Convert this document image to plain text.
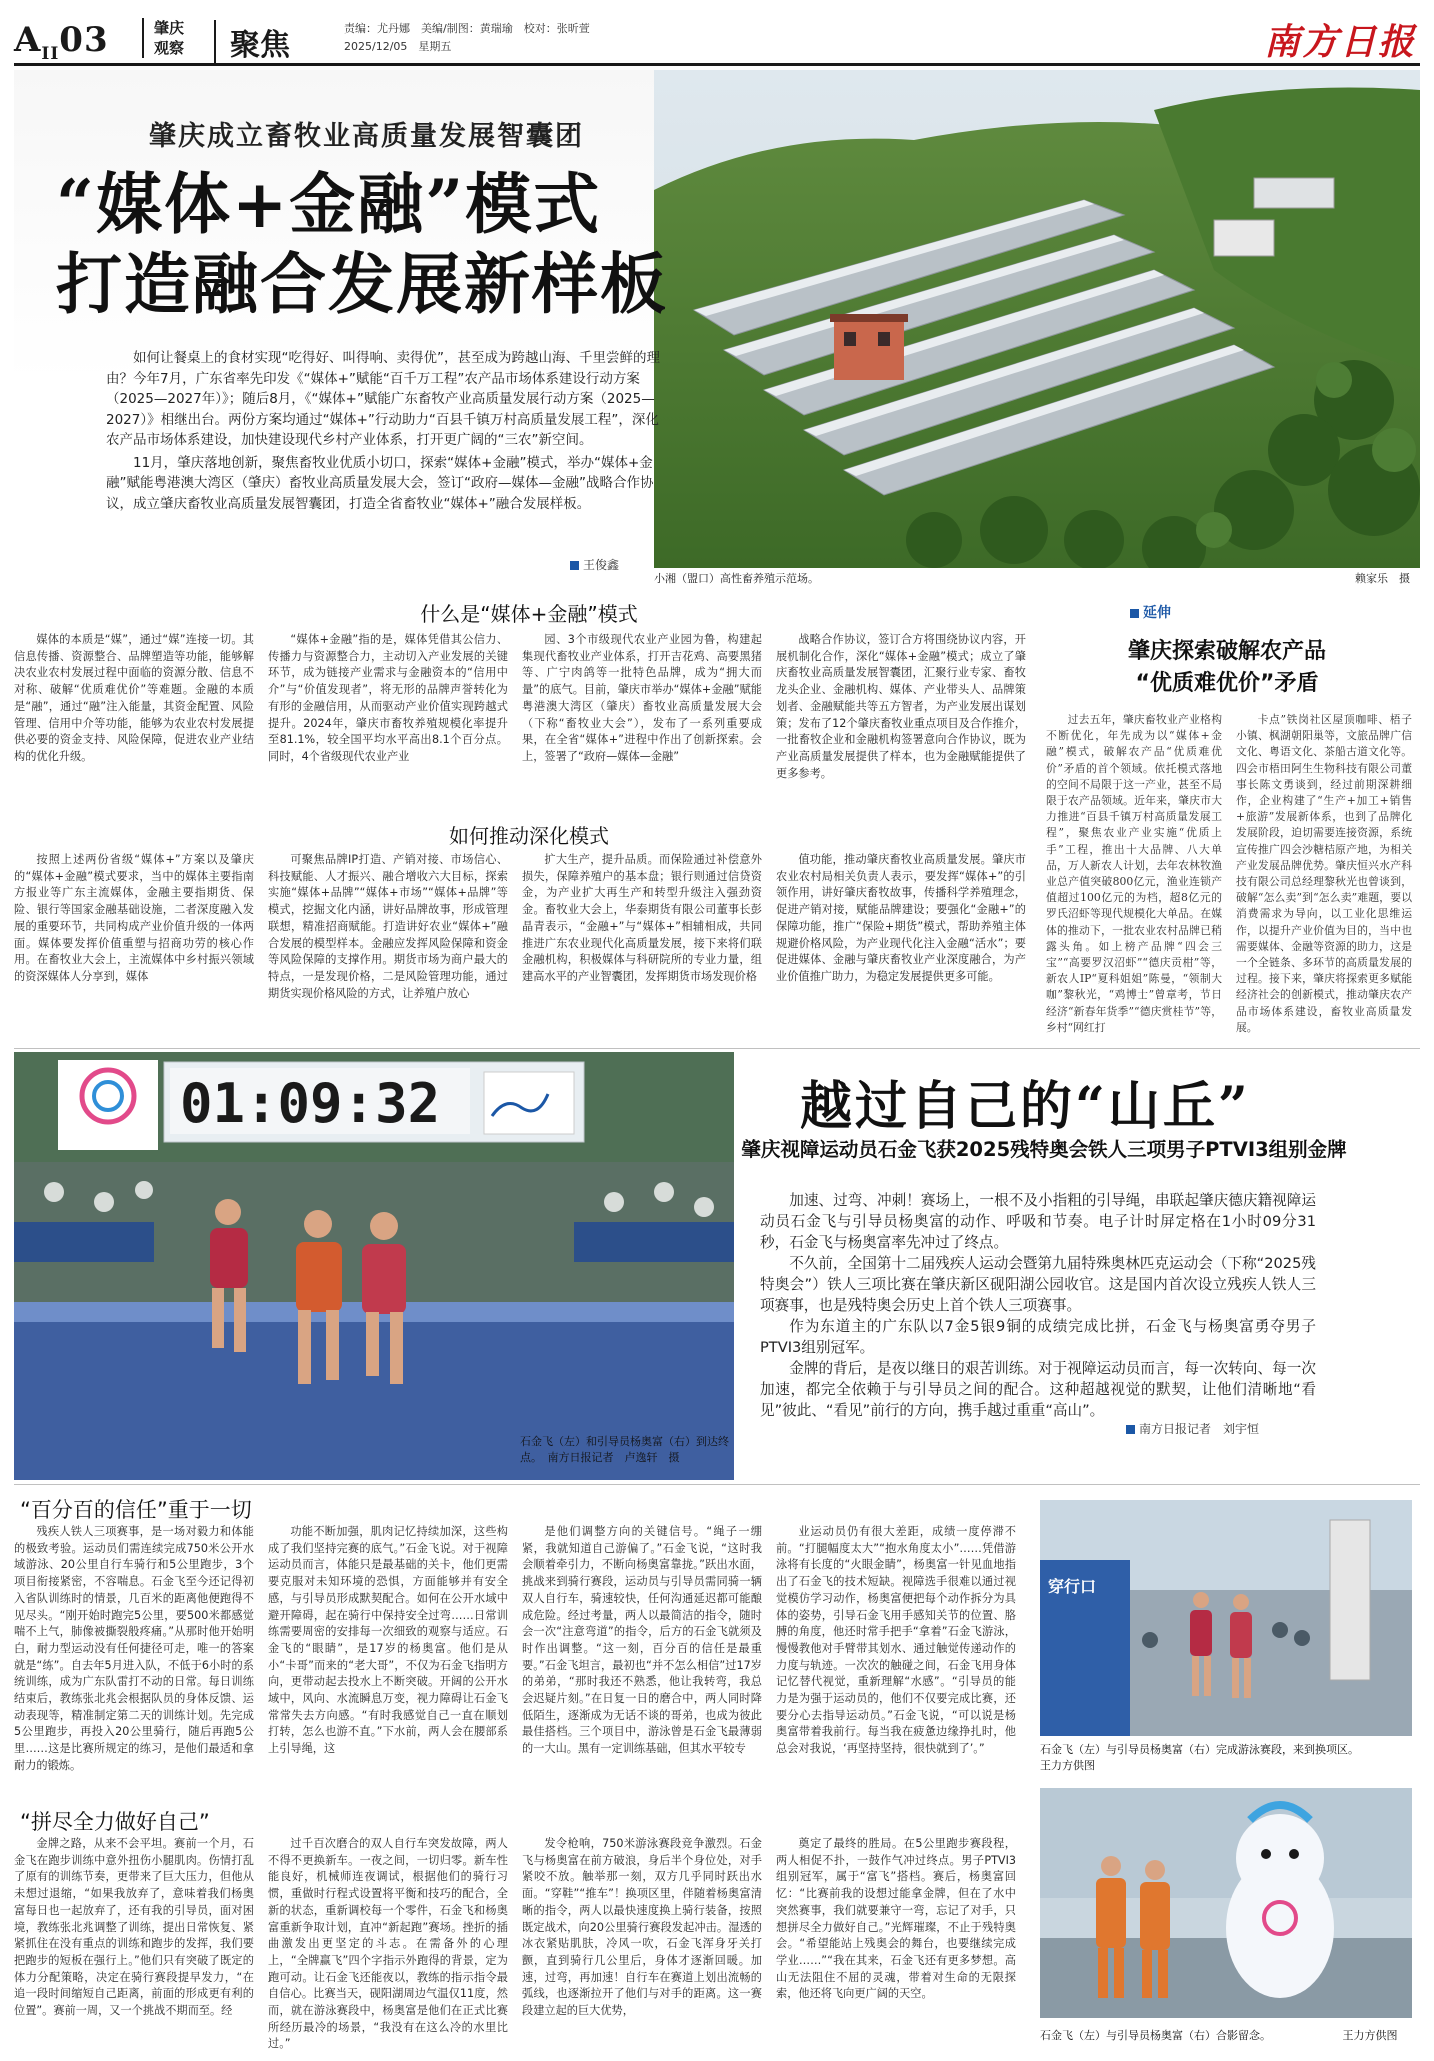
$A_{II}03$	肇庆
观察	聚焦	责编：尤丹娜　美编/制图：黄瑞瑜　校对：张昕萱
2025/12/05　星期五	南方日报
小湘（盟口）高性畜养殖示范场。	赖家乐　摄
肇庆成立畜牧业高质量发展智囊团
“媒体+金融”模式
打造融合发展新样板

如何让餐桌上的食材实现“吃得好、叫得响、卖得优”，甚至成为跨越山海、千里尝鲜的理由？今年7月，广东省率先印发《“媒体+”赋能“百千万工程”农产品市场体系建设行动方案（2025—2027年）》；随后8月，《“媒体+”赋能广东畜牧产业高质量发展行动方案（2025—2027）》相继出台。两份方案均通过“媒体+”行动助力“百县千镇万村高质量发展工程”，深化农产品市场体系建设，加快建设现代乡村产业体系，打开更广阔的“三农”新空间。

11月，肇庆落地创新，聚焦畜牧业优质小切口，探索“媒体+金融”模式，举办“媒体+金融”赋能粤港澳大湾区（肇庆）畜牧业高质量发展大会，签订“政府—媒体—金融”战略合作协议，成立肇庆畜牧业高质量发展智囊团，打造全省畜牧业“媒体+”融合发展样板。

王俊鑫
什么是“媒体+金融”模式
媒体的本质是“媒”，通过“媒”连接一切。其信息传播、资源整合、品牌塑造等功能，能够解决农业农村发展过程中面临的资源分散、信息不对称、破解“优质难优价”等难题。金融的本质是“融”，通过“融”注入能量，其资金配置、风险管理、信用中介等功能，能够为农业农村发展提供必要的资金支持、风险保障，促进农业产业结构的优化升级。
“媒体+金融”指的是，媒体凭借其公信力、传播力与资源整合力，主动切入产业发展的关键环节，成为链接产业需求与金融资本的“信用中介”与“价值发现者”，将无形的品牌声誉转化为有形的金融信用，从而驱动产业价值实现跨越式提升。2024年，肇庆市畜牧养殖规模化率提升至81.1%，较全国平均水平高出8.1个百分点。同时，4个省级现代农业产业
园、3个市级现代农业产业园为鲁，构建起集现代畜牧业产业体系，打开吉花鸡、高要黑猪等、广宁肉鸽等一批特色品牌，成为“拥大而量”的底气。目前，肇庆市举办“媒体+金融”赋能粤港澳大湾区（肇庆）畜牧业高质量发展大会（下称“畜牧业大会”），发布了一系列重要成果，在全省“媒体+”进程中作出了创新探索。会上，签署了“政府—媒体—金融”
战略合作协议，签订合方将围绕协议内容，开展机制化合作，深化“媒体+金融”模式；成立了肇庆畜牧业高质量发展智囊团，汇聚行业专家、畜牧龙头企业、金融机构、媒体、产业带头人、品牌策划者、金融赋能共等五方智者，为产业发展出谋划策；发布了12个肇庆畜牧业重点项目及合作推介，一批畜牧企业和金融机构签署意向合作协议，既为产业高质量发展提供了样本，也为金融赋能提供了更多参考。
如何推动深化模式
按照上述两份省级“媒体+”方案以及肇庆的“媒体+金融”模式要求，当中的媒体主要指南方报业等广东主流媒体，金融主要指期货、保险、银行等国家金融基础设施，二者深度融入发展的重要环节，共同构成产业价值升级的一体两面。媒体要发挥价值重塑与招商功劳的核心作用。在畜牧业大会上，主流媒体中乡村振兴领域的资深媒体人分享到，媒体
可聚焦品牌IP打造、产销对接、市场信心、科技赋能、人才振兴、融合增收六大目标，探索实施“媒体+品牌”“媒体+市场”“媒体+品牌”等模式，挖掘文化内涵，讲好品牌故事，形成管理联想，精准招商赋能。打造讲好农业“媒体+”融合发展的模型样本。金融应发挥风险保障和资金等风险保障的支撑作用。期货市场为商户最大的特点，一是发现价格，二是风险管理功能，通过期货实现价格风险的方式，让养殖户放心
扩大生产，提升品质。而保险通过补偿意外损失，保障养殖户的基本盘；银行则通过信贷资金，为产业扩大再生产和转型升级注入强劲资金。畜牧业大会上，华泰期货有限公司董事长彭晶青表示，“金融+”与“媒体+”相辅相成，共同推进广东农业现代化高质量发展，接下来将们联金融机构，积极媒体与科研院所的专业力量，组建高水平的产业智囊团，发挥期货市场发现价格
值功能，推动肇庆畜牧业高质量发展。肇庆市农业农村局相关负责人表示，要发挥“媒体+”的引领作用，讲好肇庆畜牧故事，传播科学养殖理念，促进产销对接，赋能品牌建设；要强化“金融+”的保障功能，推广“保险+期货”模式，帮助养殖主体规避价格风险，为产业现代化注入金融“活水”；要促进媒体、金融与肇庆畜牧业产业深度融合，为产业价值推广助力，为稳定发展提供更多可能。
延伸
肇庆探索破解农产品
“优质难优价”矛盾
过去五年，肇庆畜牧业产业格构不断优化，年先成为以“媒体+金融”模式，破解农产品“优质难优价”矛盾的首个领域。依托模式落地的空间不局限于这一产业，甚至不局限于农产品领域。近年来，肇庆市大力推进“百县千镇万村高质量发展工程”，聚焦农业产业实施“优质上手”工程，推出十大品牌、八大单品，万人新农人计划，去年农林牧渔业总产值突破800亿元，渔业连锁产值超过100亿元的为档，超8亿元的罗氏沼虾等现代规模化大单品。在媒体的推动下，一批农业农村品牌已稍露头角。如上榜产品牌“四会三宝”“高要罗汉沼虾”“德庆贡柑”等，新农人IP“夏科姐姐”陈曼，“领制大咖”黎秋光，“鸡博士”曾章考，节日经济“新春年货季”“德庆赏桂节”等，乡村“网红打
卡点”铁岗社区屋顶咖啡、梧子小镇、枫湖朝阳巢等，文旅品牌广信文化、粤语文化、茶船古道文化等。四会市梧田阿生生物科技有限公司董事长陈文勇谈到，经过前期深耕细作，企业构建了“生产+加工+销售+旅游”发展新体系，也到了品牌化发展阶段，迫切需要连接资源，系统宣传推广四会沙糖桔原产地，为相关产业发展品牌优势。肇庆恒兴水产科技有限公司总经理黎秋光也曾谈到，破解“怎么卖”到“怎么卖”难题，要以消费需求为导向，以工业化思维运作，以提升产业价值为目的，当中也需要媒体、金融等资源的助力，这是一个全链条、多环节的高质量发展的过程。接下来，肇庆将探索更多赋能经济社会的创新模式，推动肇庆农产品市场体系建设，畜牧业高质量发展。
01:09:32
石金飞（左）和引导员杨奥富（右）到达终点。　南方日报记者　卢逸轩　摄
越过自己的“山丘”
肇庆视障运动员石金飞获2025残特奥会铁人三项男子PTVI3组别金牌

加速、过弯、冲刺！赛场上，一根不及小指粗的引导绳，串联起肇庆德庆籍视障运动员石金飞与引导员杨奥富的动作、呼吸和节奏。电子计时屏定格在1小时09分31秒，石金飞与杨奥富率先冲过了终点。

不久前，全国第十二届残疾人运动会暨第九届特殊奥林匹克运动会（下称“2025残特奥会”）铁人三项比赛在肇庆新区砚阳湖公园收官。这是国内首次设立残疾人铁人三项赛事，也是残特奥会历史上首个铁人三项赛事。

作为东道主的广东队以7金5银9铜的成绩完成比拼，石金飞与杨奥富勇夺男子PTVI3组别冠军。

金牌的背后，是夜以继日的艰苦训练。对于视障运动员而言，每一次转向、每一次加速，都完全依赖于与引导员之间的配合。这种超越视觉的默契，让他们清晰地“看见”彼此、“看见”前行的方向，携手越过重重“高山”。

南方日报记者　刘宇恒
“百分百的信任”重于一切
残疾人铁人三项赛事，是一场对毅力和体能的极致考验。运动员们需连续完成750米公开水域游泳、20公里自行车骑行和5公里跑步，3个项目衔接紧密，不容喘息。石金飞至今还记得初入省队训练时的情景，几百米的距离他便跑得不见尽头。“刚开始时跑完5公里，要500米都感觉喘不上气，肺像被撕裂般疼痛。”从那时他开始明白，耐力型运动没有任何捷径可走，唯一的答案就是“练”。自去年5月进入队，不低于6小时的系统训练，成为广东队雷打不动的日常。每日训练结束后，教练张北兆会根据队员的身体反馈、运动表现等，精准制定第二天的训练计划。先完成5公里跑步，再投入20公里骑行，随后再跑5公里……这是比赛所规定的练习，是他们最适和拿耐力的锻炼。
功能不断加强，肌肉记忆持续加深，这些构成了我们坚持完赛的底气。”石金飞说。对于视障运动员而言，体能只是最基础的关卡，他们更需要克服对未知环境的恐惧，方面能够并有安全感，与引导员形成默契配合。如何在公开水域中避开障碍，起在骑行中保持安全过弯……日常训练需要周密的安排每一次细致的观察与适应。石金飞的“眼睛”，是17岁的杨奥富。他们是从小“卡哥”而来的“老大哥”，不仅为石金飞指明方向，更带动起去投水上不断突破。开阔的公开水域中，风向、水流瞬息万变，视力障碍让石金飞常常失去方向感。“有时我感觉自己一直在顺划打转，怎么也游不直。”下水前，两人会在腰部系上引导绳，这
是他们调整方向的关键信号。“绳子一绷紧，我就知道自己游偏了。”石金飞说，“这时我会顺着牵引力，不断向杨奥富靠拢。”跃出水面，挑战来到骑行赛段，运动员与引导员需同骑一辆双人自行车，骑速较快，任何沟通延迟都可能酿成危险。经过考量，两人以最简洁的指令，随时会一次“注意弯道”的指令，后方的石金飞就须及时作出调整。“这一刻，百分百的信任是最重要。”石金飞坦言，最初也“并不怎么相信”过17岁的弟弟，“那时我还不熟悉，他让我转弯，我总会迟疑片刻。”在日复一日的磨合中，两人同时降低陌生，逐渐成为无话不谈的哥弟，也成为彼此最佳搭档。三个项目中，游泳曾是石金飞最薄弱的一大山。黑有一定训练基础，但其水平较专
业运动员仍有很大差距，成绩一度停滞不前。“打腿幅度太大”“抱水角度太小”……凭借游泳将有长度的“火眼金睛”，杨奥富一针见血地指出了石金飞的技术短缺。视障选手很难以通过视觉模仿学习动作，杨奥富便把每个动作拆分为具体的姿势，引导石金飞用手感知关节的位置、胳膊的角度，他还时常手把手“拿着”石金飞游泳，慢慢教他对手臂带其划水、通过触觉传递动作的力度与轨迹。一次次的触碰之间，石金飞用身体记忆替代视觉，重新理解“水感”。“引导员的能力是为强于运动员的，他们不仅要完成比赛，还要分心去指导运动员。”石金飞说，“可以说是杨奥富带着我前行。每当我在疲惫边缘挣扎时，他总会对我说，‘再坚持坚持，很快就到了’。”
“拼尽全力做好自己”
金牌之路，从来不会平坦。赛前一个月，石金飞在跑步训练中意外扭伤小腿肌肉。伤情打乱了原有的训练节奏，更带来了巨大压力，但他从未想过退缩，“如果我放弃了，意味着我们杨奥富每日也一起放弃了，还有我的引导员，面对困境，教练张北兆调整了训练，提出日常恢复、紧紧抓住在没有重点的训练和跑步的发挥，我们要把跑步的短板在强行上。”他们只有突破了既定的体力分配策略，决定在骑行赛段提早发力，“在追一段时间缩短自己距离，前面的形成更有利的位置”。赛前一周，又一个挑战不期而至。经
过千百次磨合的双人自行车突发故障，两人不得不更换新车。一夜之间，一切归零。新车性能良好，机械师连夜调试，根据他们的骑行习惯，重做时行程式设置将平衡和技巧的配合，全新的状态，重新调校每一个零件，石金飞和杨奥富重新争取计划，直冲“新起跑”赛场。挫折的插曲激发出更坚定的斗志。在需备外的心理上，“全牌赢飞”四个字指示外跑得的背景，定为跑可动。让石金飞还能夜以，教练的指示指令最自信心。比赛当天，砚阳湖周边气温仅11度，然而，就在游泳赛段中，杨奥富是他们在正式比赛所经历最冷的场景，“我没有在这么冷的水里比过。”
发令枪响，750米游泳赛段竞争激烈。石金飞与杨奥富在前方破浪，身后半个身位处，对手紧咬不放。触举那一刻，双方几乎同时跃出水面。“穿鞋”“推车”！换项区里，伴随着杨奥富清晰的指令，两人以最快速度换上骑行装备，按照既定战术，向20公里骑行赛段发起冲击。湿透的冰衣紧贴肌肤，冷风一吹，石金飞浑身牙关打颤，直到骑行几公里后，身体才逐渐回暖。加速，过弯，再加速！自行车在赛道上划出流畅的弧线，也逐渐拉开了他们与对手的距离。这一赛段建立起的巨大优势，
奠定了最终的胜局。在5公里跑步赛段程，两人相促不扑，一鼓作气冲过终点。男子PTVI3组别冠军，属于“富飞”搭档。赛后，杨奥富回忆：“比赛前我的设想过能拿金牌，但在了水中突然赛事，我们就要兼守一弯，忘记了对手，只想拼尽全力做好自己。”光辉璀璨，不止于残特奥会。“希望能站上残奥会的舞台，也要继续完成学业……”“我在其来，石金飞还有更多梦想。高山无法阻住不屈的灵魂，带着对生命的无限探索，他还将飞向更广阔的天空。
穿行口
石金飞（左）与引导员杨奥富（右）完成游泳赛段，来到换项区。　　　　　　　王力方供图
石金飞（左）与引导员杨奥富（右）合影留念。　　　　　　　王力方供图
